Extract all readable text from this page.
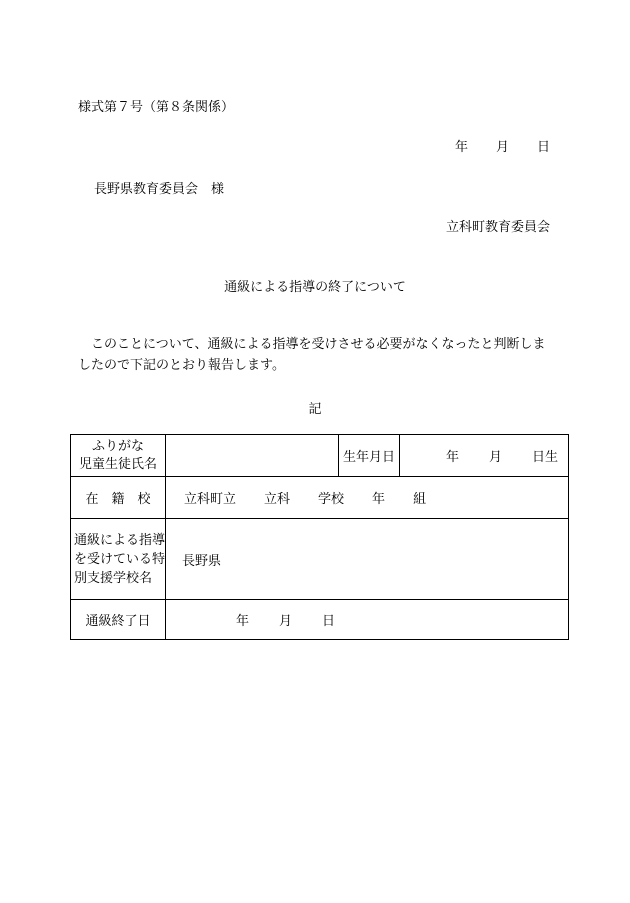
様式第７号（第８条関係）
年 月 日
長野県教育委員会　様
立科町教育委員会
通級による指導の終了について
このことについて、通級による指導を受けさせる必要がなくなったと判断しましたので下記のとおり報告します。
記
ふりがな
児童生徒氏名		生年月日	年 月 日生
在　籍　校	立科町立 立科 学校 年 組		
通級による指導を受けている特別支援学校名	長野県		
通級終了日	年 月 日		
